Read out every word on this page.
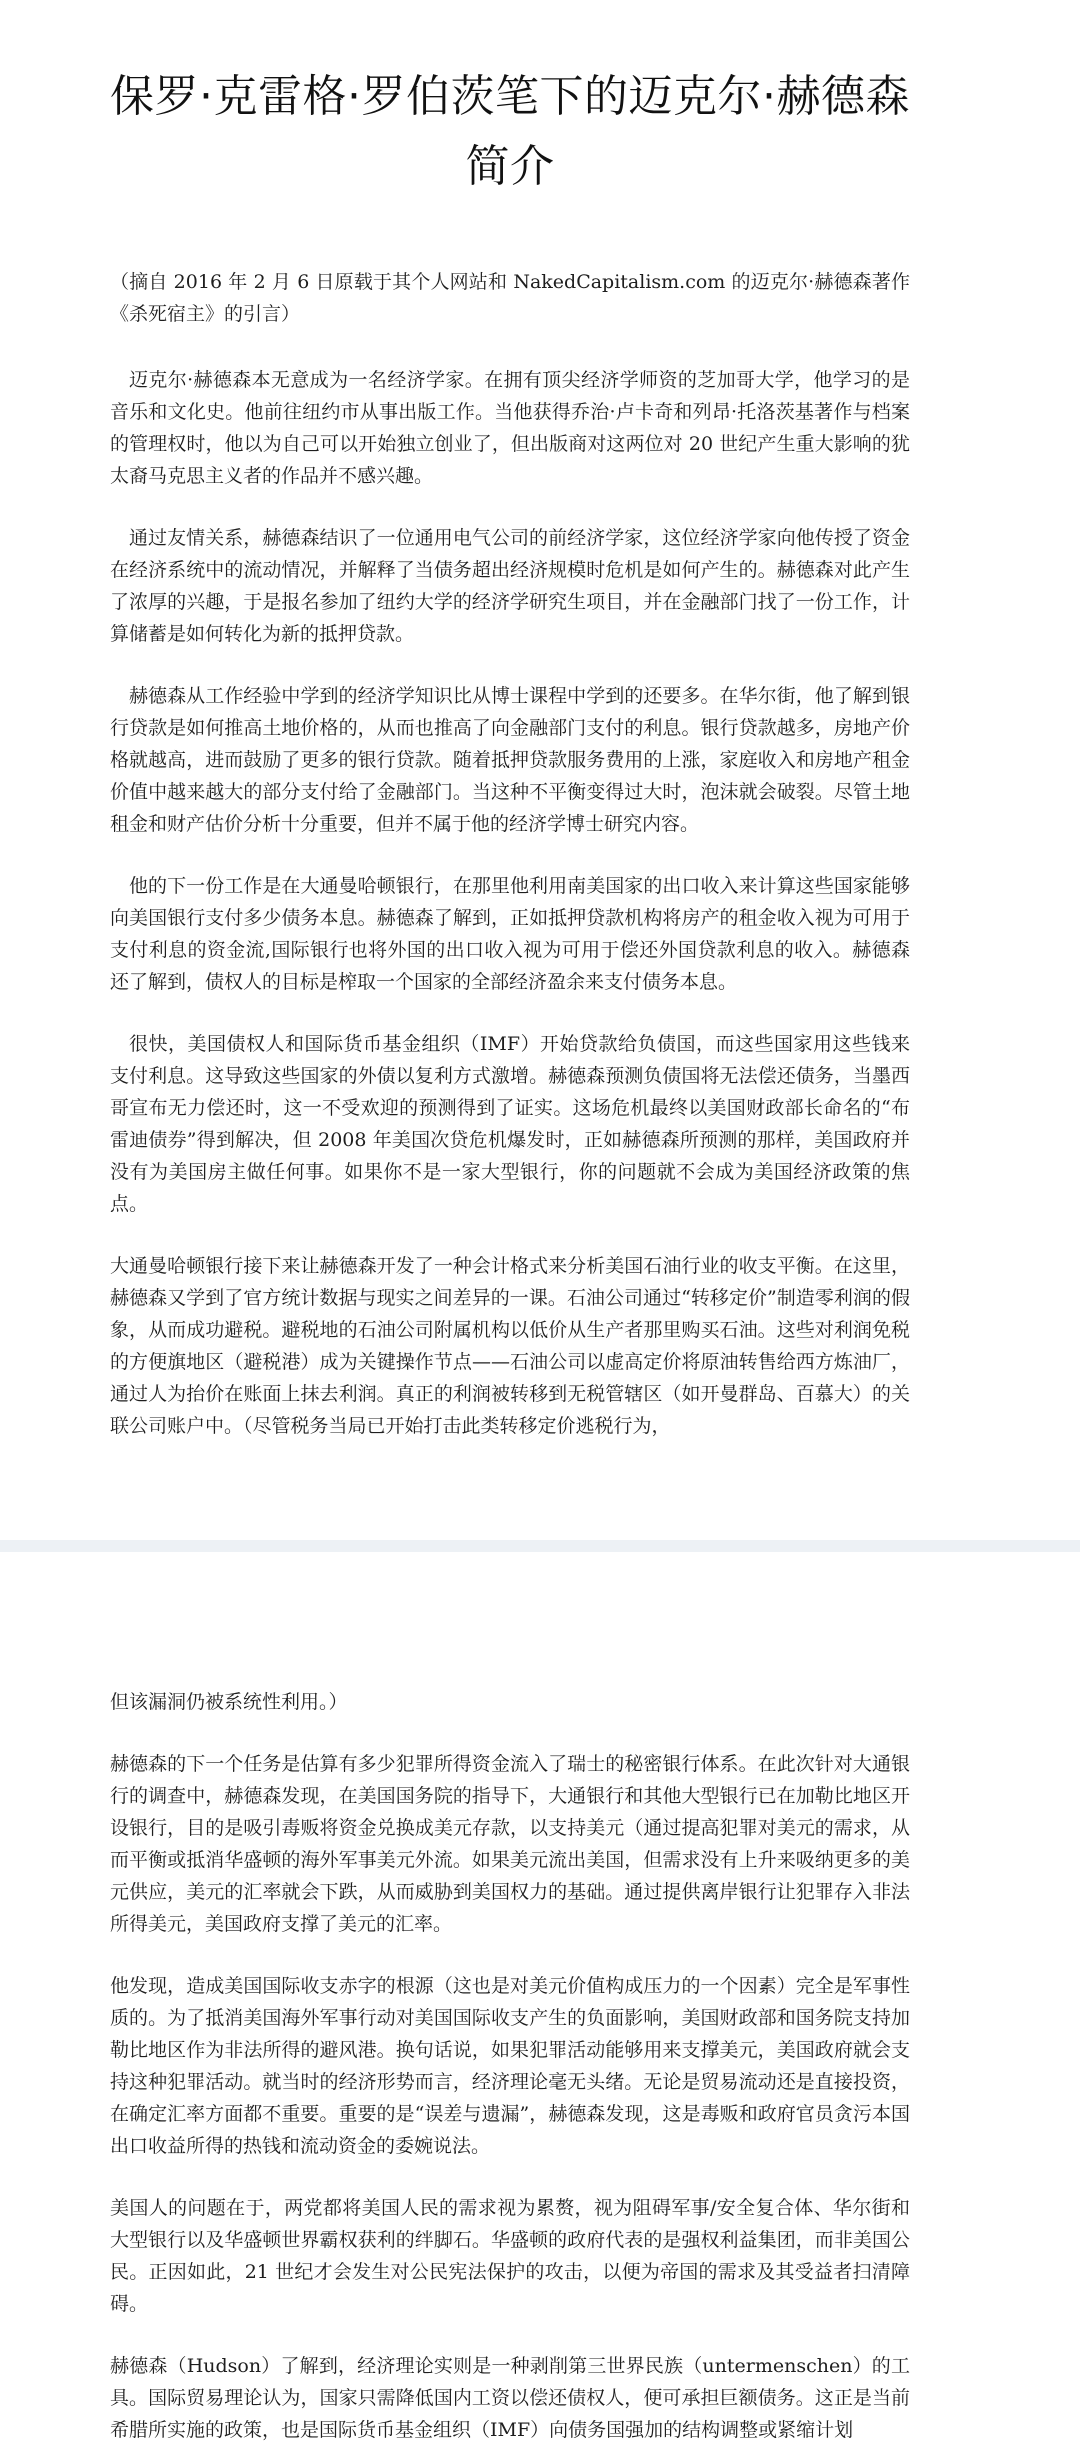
保罗·克雷格·罗伯茨笔下的迈克尔·赫德森简介

（摘自 2016 年 2 月 6 日原载于其个人网站和 NakedCapitalism.com 的迈克尔·赫德森著作《杀死宿主》的引言）

迈克尔·赫德森本无意成为一名经济学家。在拥有顶尖经济学师资的芝加哥大学，他学习的是音乐和文化史。他前往纽约市从事出版工作。当他获得乔治·卢卡奇和列昂·托洛茨基著作与档案的管理权时，他以为自己可以开始独立创业了，但出版商对这两位对 20 世纪产生重大影响的犹太裔马克思主义者的作品并不感兴趣。

通过友情关系，赫德森结识了一位通用电气公司的前经济学家，这位经济学家向他传授了资金在经济系统中的流动情况，并解释了当债务超出经济规模时危机是如何产生的。赫德森对此产生了浓厚的兴趣，于是报名参加了纽约大学的经济学研究生项目，并在金融部门找了一份工作，计算储蓄是如何转化为新的抵押贷款。

赫德森从工作经验中学到的经济学知识比从博士课程中学到的还要多。在华尔街，他了解到银行贷款是如何推高土地价格的，从而也推高了向金融部门支付的利息。银行贷款越多，房地产价格就越高，进而鼓励了更多的银行贷款。随着抵押贷款服务费用的上涨，家庭收入和房地产租金价值中越来越大的部分支付给了金融部门。当这种不平衡变得过大时，泡沫就会破裂。尽管土地租金和财产估价分析十分重要，但并不属于他的经济学博士研究内容。

他的下一份工作是在大通曼哈顿银行，在那里他利用南美国家的出口收入来计算这些国家能够向美国银行支付多少债务本息。赫德森了解到，正如抵押贷款机构将房产的租金收入视为可用于支付利息的资金流,国际银行也将外国的出口收入视为可用于偿还外国贷款利息的收入。赫德森还了解到，债权人的目标是榨取一个国家的全部经济盈余来支付债务本息。

很快，美国债权人和国际货币基金组织（IMF）开始贷款给负债国，而这些国家用这些钱来支付利息。这导致这些国家的外债以复利方式激增。赫德森预测负债国将无法偿还债务，当墨西哥宣布无力偿还时，这一不受欢迎的预测得到了证实。这场危机最终以美国财政部长命名的“布雷迪债券”得到解决，但 2008 年美国次贷危机爆发时，正如赫德森所预测的那样，美国政府并没有为美国房主做任何事。如果你不是一家大型银行，你的问题就不会成为美国经济政策的焦点。

大通曼哈顿银行接下来让赫德森开发了一种会计格式来分析美国石油行业的收支平衡。在这里，赫德森又学到了官方统计数据与现实之间差异的一课。石油公司通过“转移定价”制造零利润的假象，从而成功避税。避税地的石油公司附属机构以低价从生产者那里购买石油。这些对利润免税的方便旗地区（避税港）成为关键操作节点——石油公司以虚高定价将原油转售给西方炼油厂，通过人为抬价在账面上抹去利润。真正的利润被转移到无税管辖区（如开曼群岛、百慕大）的关联公司账户中。（尽管税务当局已开始打击此类转移定价逃税行为，

但该漏洞仍被系统性利用。）

赫德森的下一个任务是估算有多少犯罪所得资金流入了瑞士的秘密银行体系。在此次针对大通银行的调查中，赫德森发现，在美国国务院的指导下，大通银行和其他大型银行已在加勒比地区开设银行，目的是吸引毒贩将资金兑换成美元存款，以支持美元（通过提高犯罪对美元的需求，从而平衡或抵消华盛顿的海外军事美元外流。如果美元流出美国，但需求没有上升来吸纳更多的美元供应，美元的汇率就会下跌，从而威胁到美国权力的基础。通过提供离岸银行让犯罪存入非法所得美元，美国政府支撑了美元的汇率。

他发现，造成美国国际收支赤字的根源（这也是对美元价值构成压力的一个因素）完全是军事性质的。为了抵消美国海外军事行动对美国国际收支产生的负面影响，美国财政部和国务院支持加勒比地区作为非法所得的避风港。换句话说，如果犯罪活动能够用来支撑美元，美国政府就会支持这种犯罪活动。就当时的经济形势而言，经济理论毫无头绪。无论是贸易流动还是直接投资，在确定汇率方面都不重要。重要的是“误差与遗漏”，赫德森发现，这是毒贩和政府官员贪污本国出口收益所得的热钱和流动资金的委婉说法。

美国人的问题在于，两党都将美国人民的需求视为累赘，视为阻碍军事/安全复合体、华尔街和大型银行以及华盛顿世界霸权获利的绊脚石。华盛顿的政府代表的是强权利益集团，而非美国公民。正因如此，21 世纪才会发生对公民宪法保护的攻击，以便为帝国的需求及其受益者扫清障碍。

赫德森（Hudson）了解到，经济理论实则是一种剥削第三世界民族（untermenschen）的工具。国际贸易理论认为，国家只需降低国内工资以偿还债权人，便可承担巨额债务。这正是当前希腊所实施的政策，也是国际货币基金组织（IMF）向债务国强加的结构调整或紧缩计划
